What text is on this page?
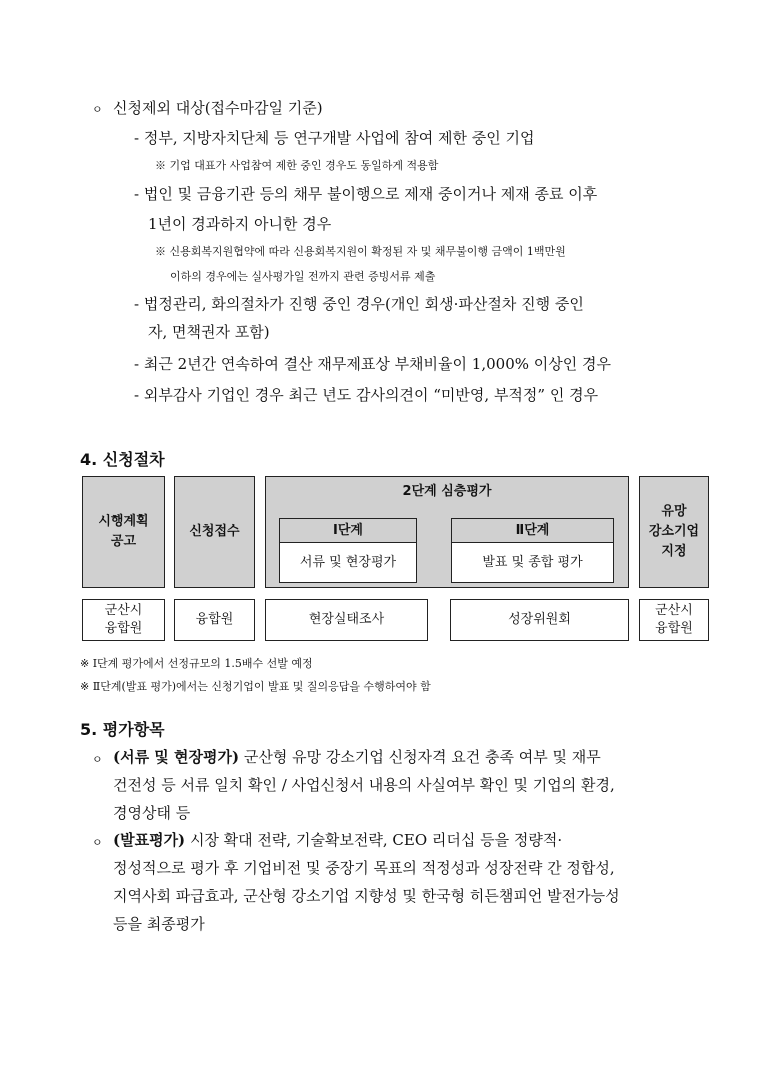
ㅇ 신청제외 대상(접수마감일 기준)
- 정부, 지방자치단체 등 연구개발 사업에 참여 제한 중인 기업
※ 기업 대표가 사업참여 제한 중인 경우도 동일하게 적용함
- 법인 및 금융기관 등의 채무 불이행으로 제재 중이거나 제재 종료 이후
1년이 경과하지 아니한 경우
※ 신용회복지원협약에 따라 신용회복지원이 확정된 자 및 채무불이행 금액이 1백만원
이하의 경우에는 실사평가일 전까지 관련 증빙서류 제출
- 법정관리, 화의절차가 진행 중인 경우(개인 회생·파산절차 진행 중인
자, 면책권자 포함)
- 최근 2년간 연속하여 결산 재무제표상 부채비율이 1,000% 이상인 경우
- 외부감사 기업인 경우 최근 년도 감사의견이 “미반영, 부적정” 인 경우
4. 신청절차
시행계획
공고
신청접수
2단계 심층평가
Ⅰ단계
서류 및 현장평가
Ⅱ단계
발표 및 종합 평가
유망
강소기업
지정
군산시
융합원
융합원	현장실태조사	성장위원회
군산시
융합원
※ Ⅰ단계 평가에서 선정규모의 1.5배수 선발 예정
※ Ⅱ단계(발표 평가)에서는 신청기업이 발표 및 질의응답을 수행하여야 함
5. 평가항목
ㅇ (서류 및 현장평가) 군산형 유망 강소기업 신청자격 요건 충족 여부 및 재무
건전성 등 서류 일치 확인 / 사업신청서 내용의 사실여부 확인 및 기업의 환경,
경영상태 등
ㅇ (발표평가) 시장 확대 전략, 기술확보전략, CEO 리더십 등을 정량적·
정성적으로 평가 후 기업비전 및 중장기 목표의 적정성과 성장전략 간 정합성,
지역사회 파급효과, 군산형 강소기업 지향성 및 한국형 히든챔피언 발전가능성
등을 최종평가
